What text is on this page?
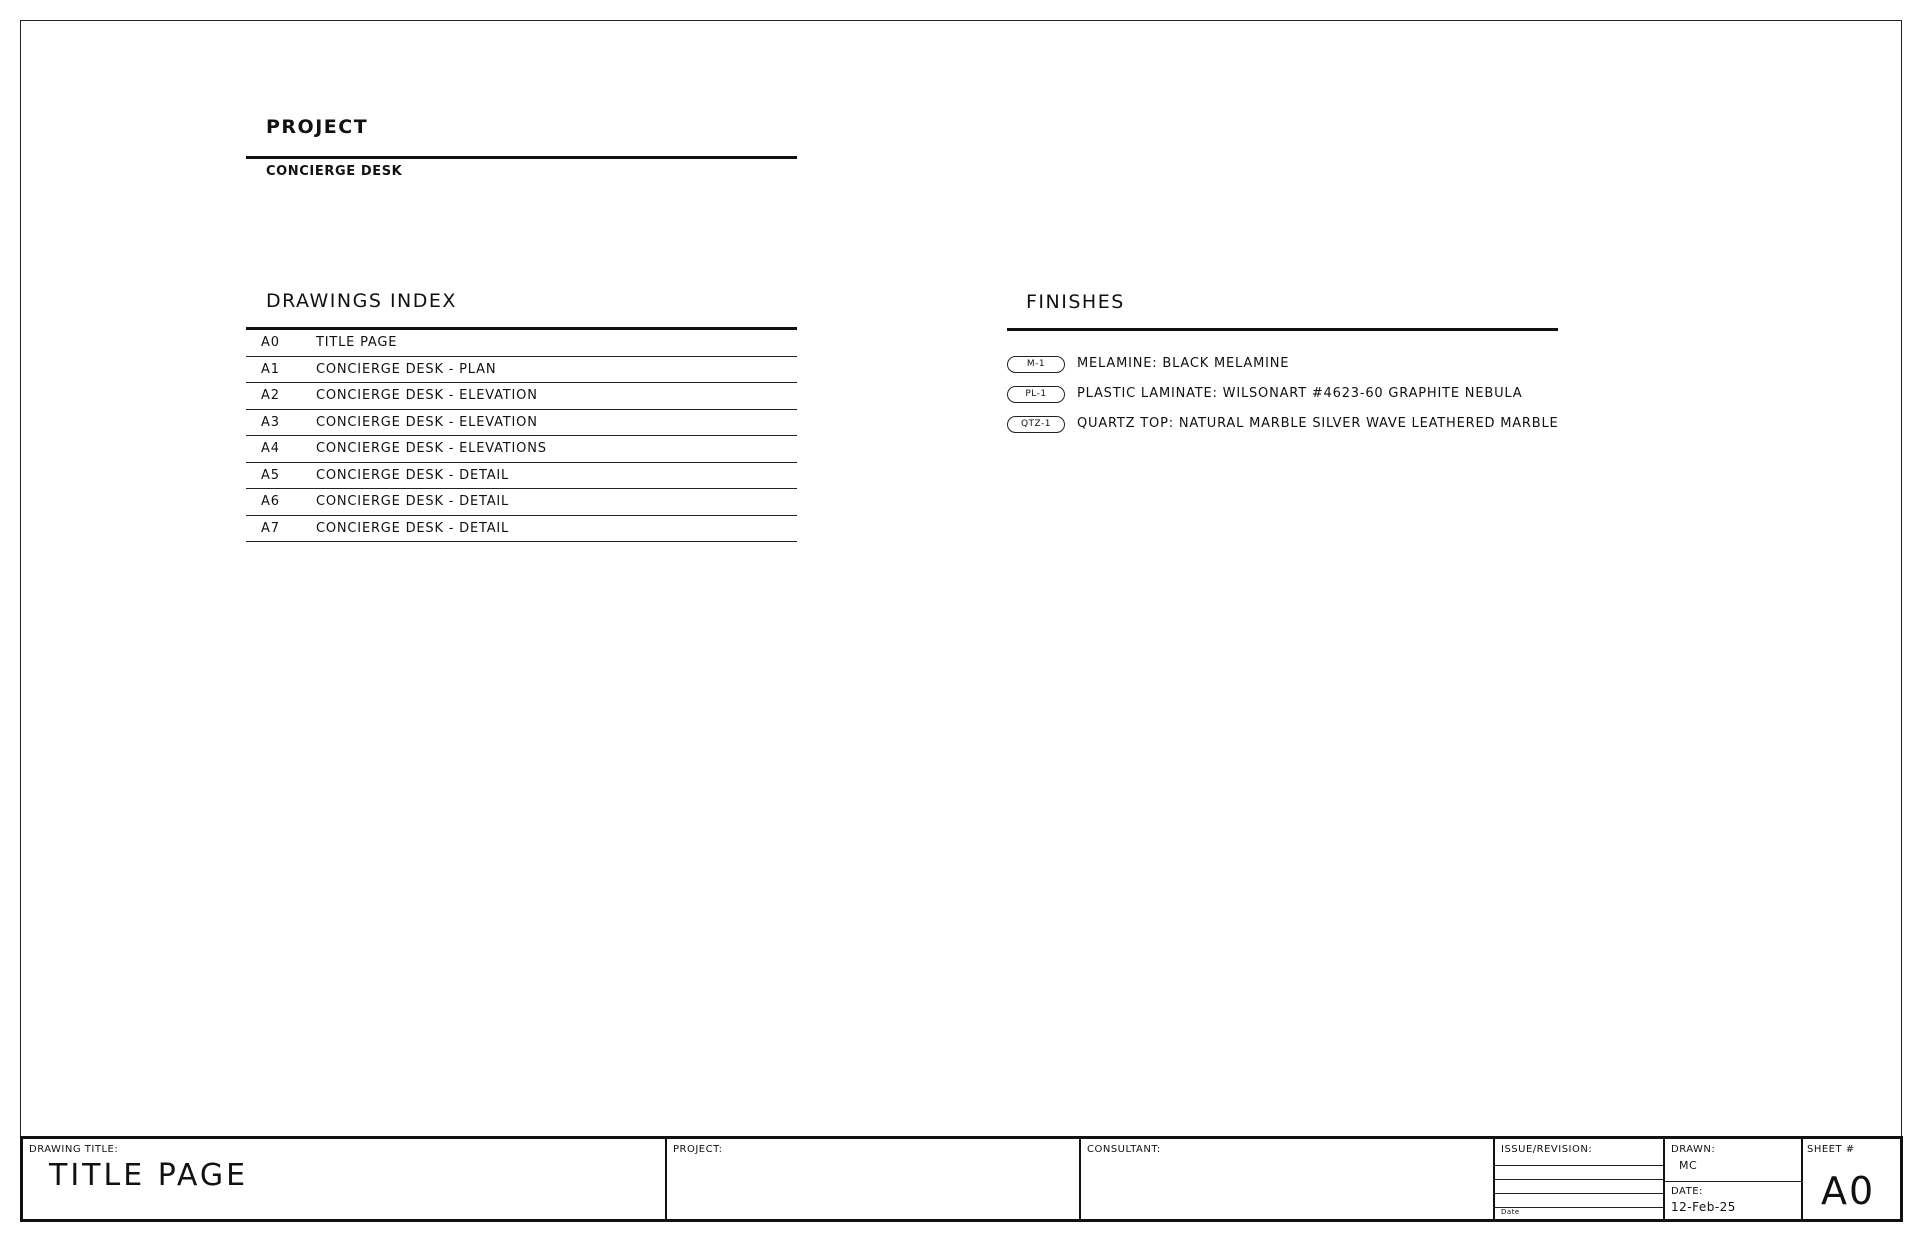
PROJECT
CONCIERGE DESK
DRAWINGS INDEX
A0	TITLE PAGE
A1	CONCIERGE DESK - PLAN
A2	CONCIERGE DESK - ELEVATION
A3	CONCIERGE DESK - ELEVATION
A4	CONCIERGE DESK - ELEVATIONS
A5	CONCIERGE DESK - DETAIL
A6	CONCIERGE DESK - DETAIL
A7	CONCIERGE DESK - DETAIL
FINISHES
M-1	MELAMINE: BLACK MELAMINE
PL-1	PLASTIC LAMINATE: WILSONART #4623-60 GRAPHITE NEBULA
QTZ-1	QUARTZ TOP: NATURAL MARBLE SILVER WAVE LEATHERED MARBLE
DRAWING TITLE:
TITLE PAGE
PROJECT:	CONSULTANT:	ISSUE/REVISION:
Date
DRAWN:
MC
DATE:
12-Feb-25
SHEET #
A0
